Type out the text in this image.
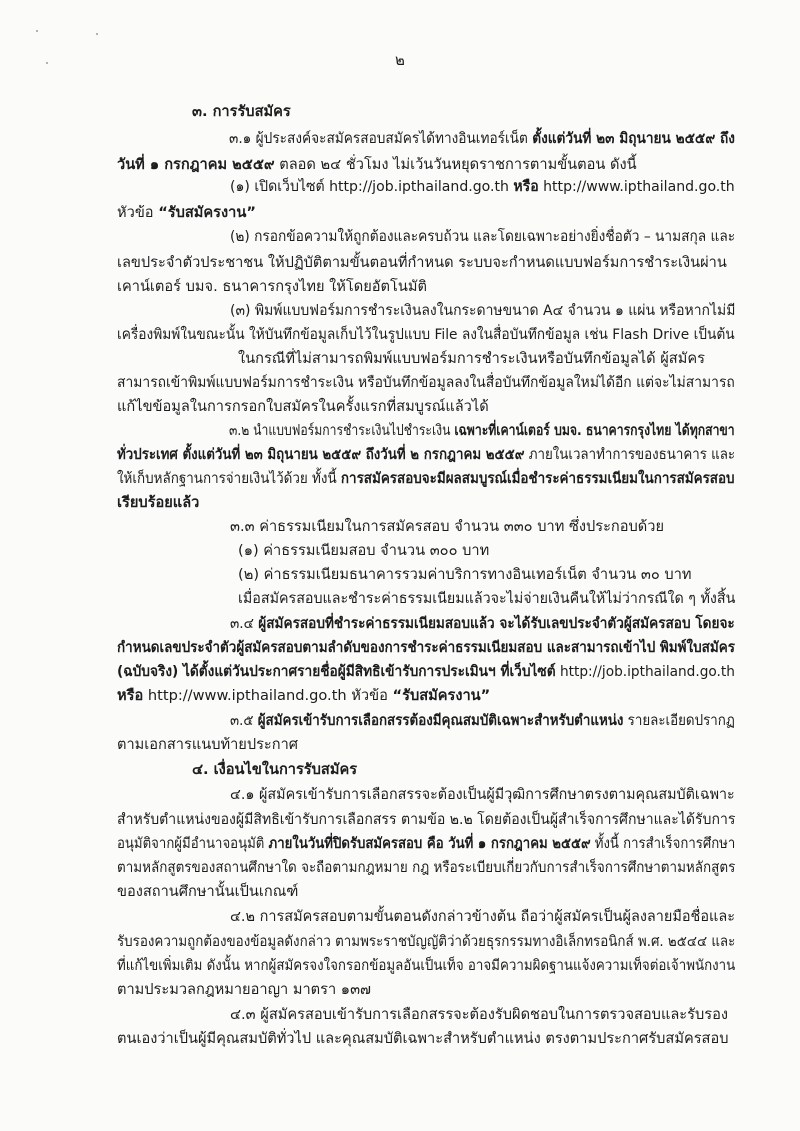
๒
๓. การรับสมัคร
๓.๑ ผู้ประสงค์จะสมัครสอบสมัครได้ทางอินเทอร์เน็ต ตั้งแต่วันที่ ๒๓ มิถุนายน ๒๕๕๙ ถึง
วันที่ ๑ กรกฎาคม ๒๕๕๙ ตลอด ๒๔ ชั่วโมง ไม่เว้นวันหยุดราชการตามขั้นตอน ดังนี้
(๑) เปิดเว็บไซต์ http://job.ipthailand.go.th หรือ http://www.ipthailand.go.th
หัวข้อ “รับสมัครงาน”
(๒) กรอกข้อความให้ถูกต้องและครบถ้วน และโดยเฉพาะอย่างยิ่งชื่อตัว – นามสกุล และ
เลขประจำตัวประชาชน ให้ปฏิบัติตามขั้นตอนที่กำหนด ระบบจะกำหนดแบบฟอร์มการชำระเงินผ่าน
เคาน์เตอร์ บมจ. ธนาคารกรุงไทย ให้โดยอัตโนมัติ
(๓) พิมพ์แบบฟอร์มการชำระเงินลงในกระดาษขนาด A๔ จำนวน ๑ แผ่น หรือหากไม่มี
เครื่องพิมพ์ในขณะนั้น ให้บันทึกข้อมูลเก็บไว้ในรูปแบบ File ลงในสื่อบันทึกข้อมูล เช่น Flash Drive เป็นต้น
ในกรณีที่ไม่สามารถพิมพ์แบบฟอร์มการชำระเงินหรือบันทึกข้อมูลได้ ผู้สมัคร
สามารถเข้าพิมพ์แบบฟอร์มการชำระเงิน หรือบันทึกข้อมูลลงในสื่อบันทึกข้อมูลใหม่ได้อีก แต่จะไม่สามารถ
แก้ไขข้อมูลในการกรอกใบสมัครในครั้งแรกที่สมบูรณ์แล้วได้
๓.๒ นำแบบฟอร์มการชำระเงินไปชำระเงิน เฉพาะที่เคาน์เตอร์ บมจ. ธนาคารกรุงไทย ได้ทุกสาขา
ทั่วประเทศ ตั้งแต่วันที่ ๒๓ มิถุนายน ๒๕๕๙ ถึงวันที่ ๒ กรกฎาคม ๒๕๕๙ ภายในเวลาทำการของธนาคาร และ
ให้เก็บหลักฐานการจ่ายเงินไว้ด้วย ทั้งนี้ การสมัครสอบจะมีผลสมบูรณ์เมื่อชำระค่าธรรมเนียมในการสมัครสอบ
เรียบร้อยแล้ว
๓.๓ ค่าธรรมเนียมในการสมัครสอบ จำนวน ๓๓๐ บาท ซึ่งประกอบด้วย
(๑) ค่าธรรมเนียมสอบ จำนวน ๓๐๐ บาท
(๒) ค่าธรรมเนียมธนาคารรวมค่าบริการทางอินเทอร์เน็ต จำนวน ๓๐ บาท
เมื่อสมัครสอบและชำระค่าธรรมเนียมแล้วจะไม่จ่ายเงินคืนให้ไม่ว่ากรณีใด ๆ ทั้งสิ้น
๓.๔ ผู้สมัครสอบที่ชำระค่าธรรมเนียมสอบแล้ว จะได้รับเลขประจำตัวผู้สมัครสอบ โดยจะ
กำหนดเลขประจำตัวผู้สมัครสอบตามลำดับของการชำระค่าธรรมเนียมสอบ และสามารถเข้าไป พิมพ์ใบสมัคร
(ฉบับจริง) ได้ตั้งแต่วันประกาศรายชื่อผู้มีสิทธิเข้ารับการประเมินฯ ที่เว็บไซต์ http://job.ipthailand.go.th
หรือ http://www.ipthailand.go.th หัวข้อ “รับสมัครงาน”
๓.๕ ผู้สมัครเข้ารับการเลือกสรรต้องมีคุณสมบัติเฉพาะสำหรับตำแหน่ง รายละเอียดปรากฏ
ตามเอกสารแนบท้ายประกาศ
๔. เงื่อนไขในการรับสมัคร
๔.๑ ผู้สมัครเข้ารับการเลือกสรรจะต้องเป็นผู้มีวุฒิการศึกษาตรงตามคุณสมบัติเฉพาะ
สำหรับตำแหน่งของผู้มีสิทธิเข้ารับการเลือกสรร ตามข้อ ๒.๒ โดยต้องเป็นผู้สำเร็จการศึกษาและได้รับการ
อนุมัติจากผู้มีอำนาจอนุมัติ ภายในวันที่ปิดรับสมัครสอบ คือ วันที่ ๑ กรกฎาคม ๒๕๕๙ ทั้งนี้ การสำเร็จการศึกษา
ตามหลักสูตรของสถานศึกษาใด จะถือตามกฎหมาย กฎ หรือระเบียบเกี่ยวกับการสำเร็จการศึกษาตามหลักสูตร
ของสถานศึกษานั้นเป็นเกณฑ์
๔.๒ การสมัครสอบตามขั้นตอนดังกล่าวข้างต้น ถือว่าผู้สมัครเป็นผู้ลงลายมือชื่อและ
รับรองความถูกต้องของข้อมูลดังกล่าว ตามพระราชบัญญัติว่าด้วยธุรกรรมทางอิเล็กทรอนิกส์ พ.ศ. ๒๕๔๔ และ
ที่แก้ไขเพิ่มเติม ดังนั้น หากผู้สมัครจงใจกรอกข้อมูลอันเป็นเท็จ อาจมีความผิดฐานแจ้งความเท็จต่อเจ้าพนักงาน
ตามประมวลกฎหมายอาญา มาตรา ๑๓๗
๔.๓ ผู้สมัครสอบเข้ารับการเลือกสรรจะต้องรับผิดชอบในการตรวจสอบและรับรอง
ตนเองว่าเป็นผู้มีคุณสมบัติทั่วไป และคุณสมบัติเฉพาะสำหรับตำแหน่ง ตรงตามประกาศรับสมัครสอบ
